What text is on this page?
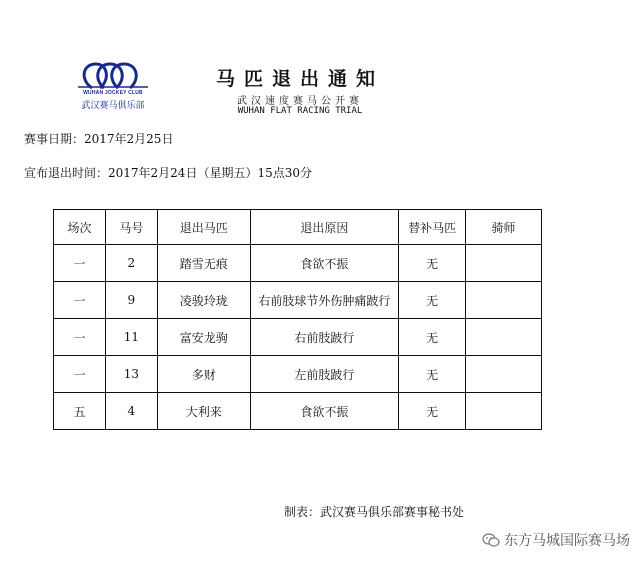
WUHAN JOCKEY CLUB
武汉赛马俱乐部
马匹退出通知
武汉速度赛马公开赛
WUHAN FLAT RACING TRIAL
赛事日期：2017年2月25日
宣布退出时间：2017年2月24日（星期五）15点30分
场次	马号	退出马匹	退出原因	替补马匹	骑师
一	2	踏雪无痕	食欲不振	无	
一	9	凌骏玲珑	右前肢球节外伤肿痛跛行	无	
一	11	富安龙驹	右前肢跛行	无	
一	13	多财	左前肢跛行	无	
五	4	大利来	食欲不振	无	
制表：武汉赛马俱乐部赛事秘书处
东方马城国际赛马场
